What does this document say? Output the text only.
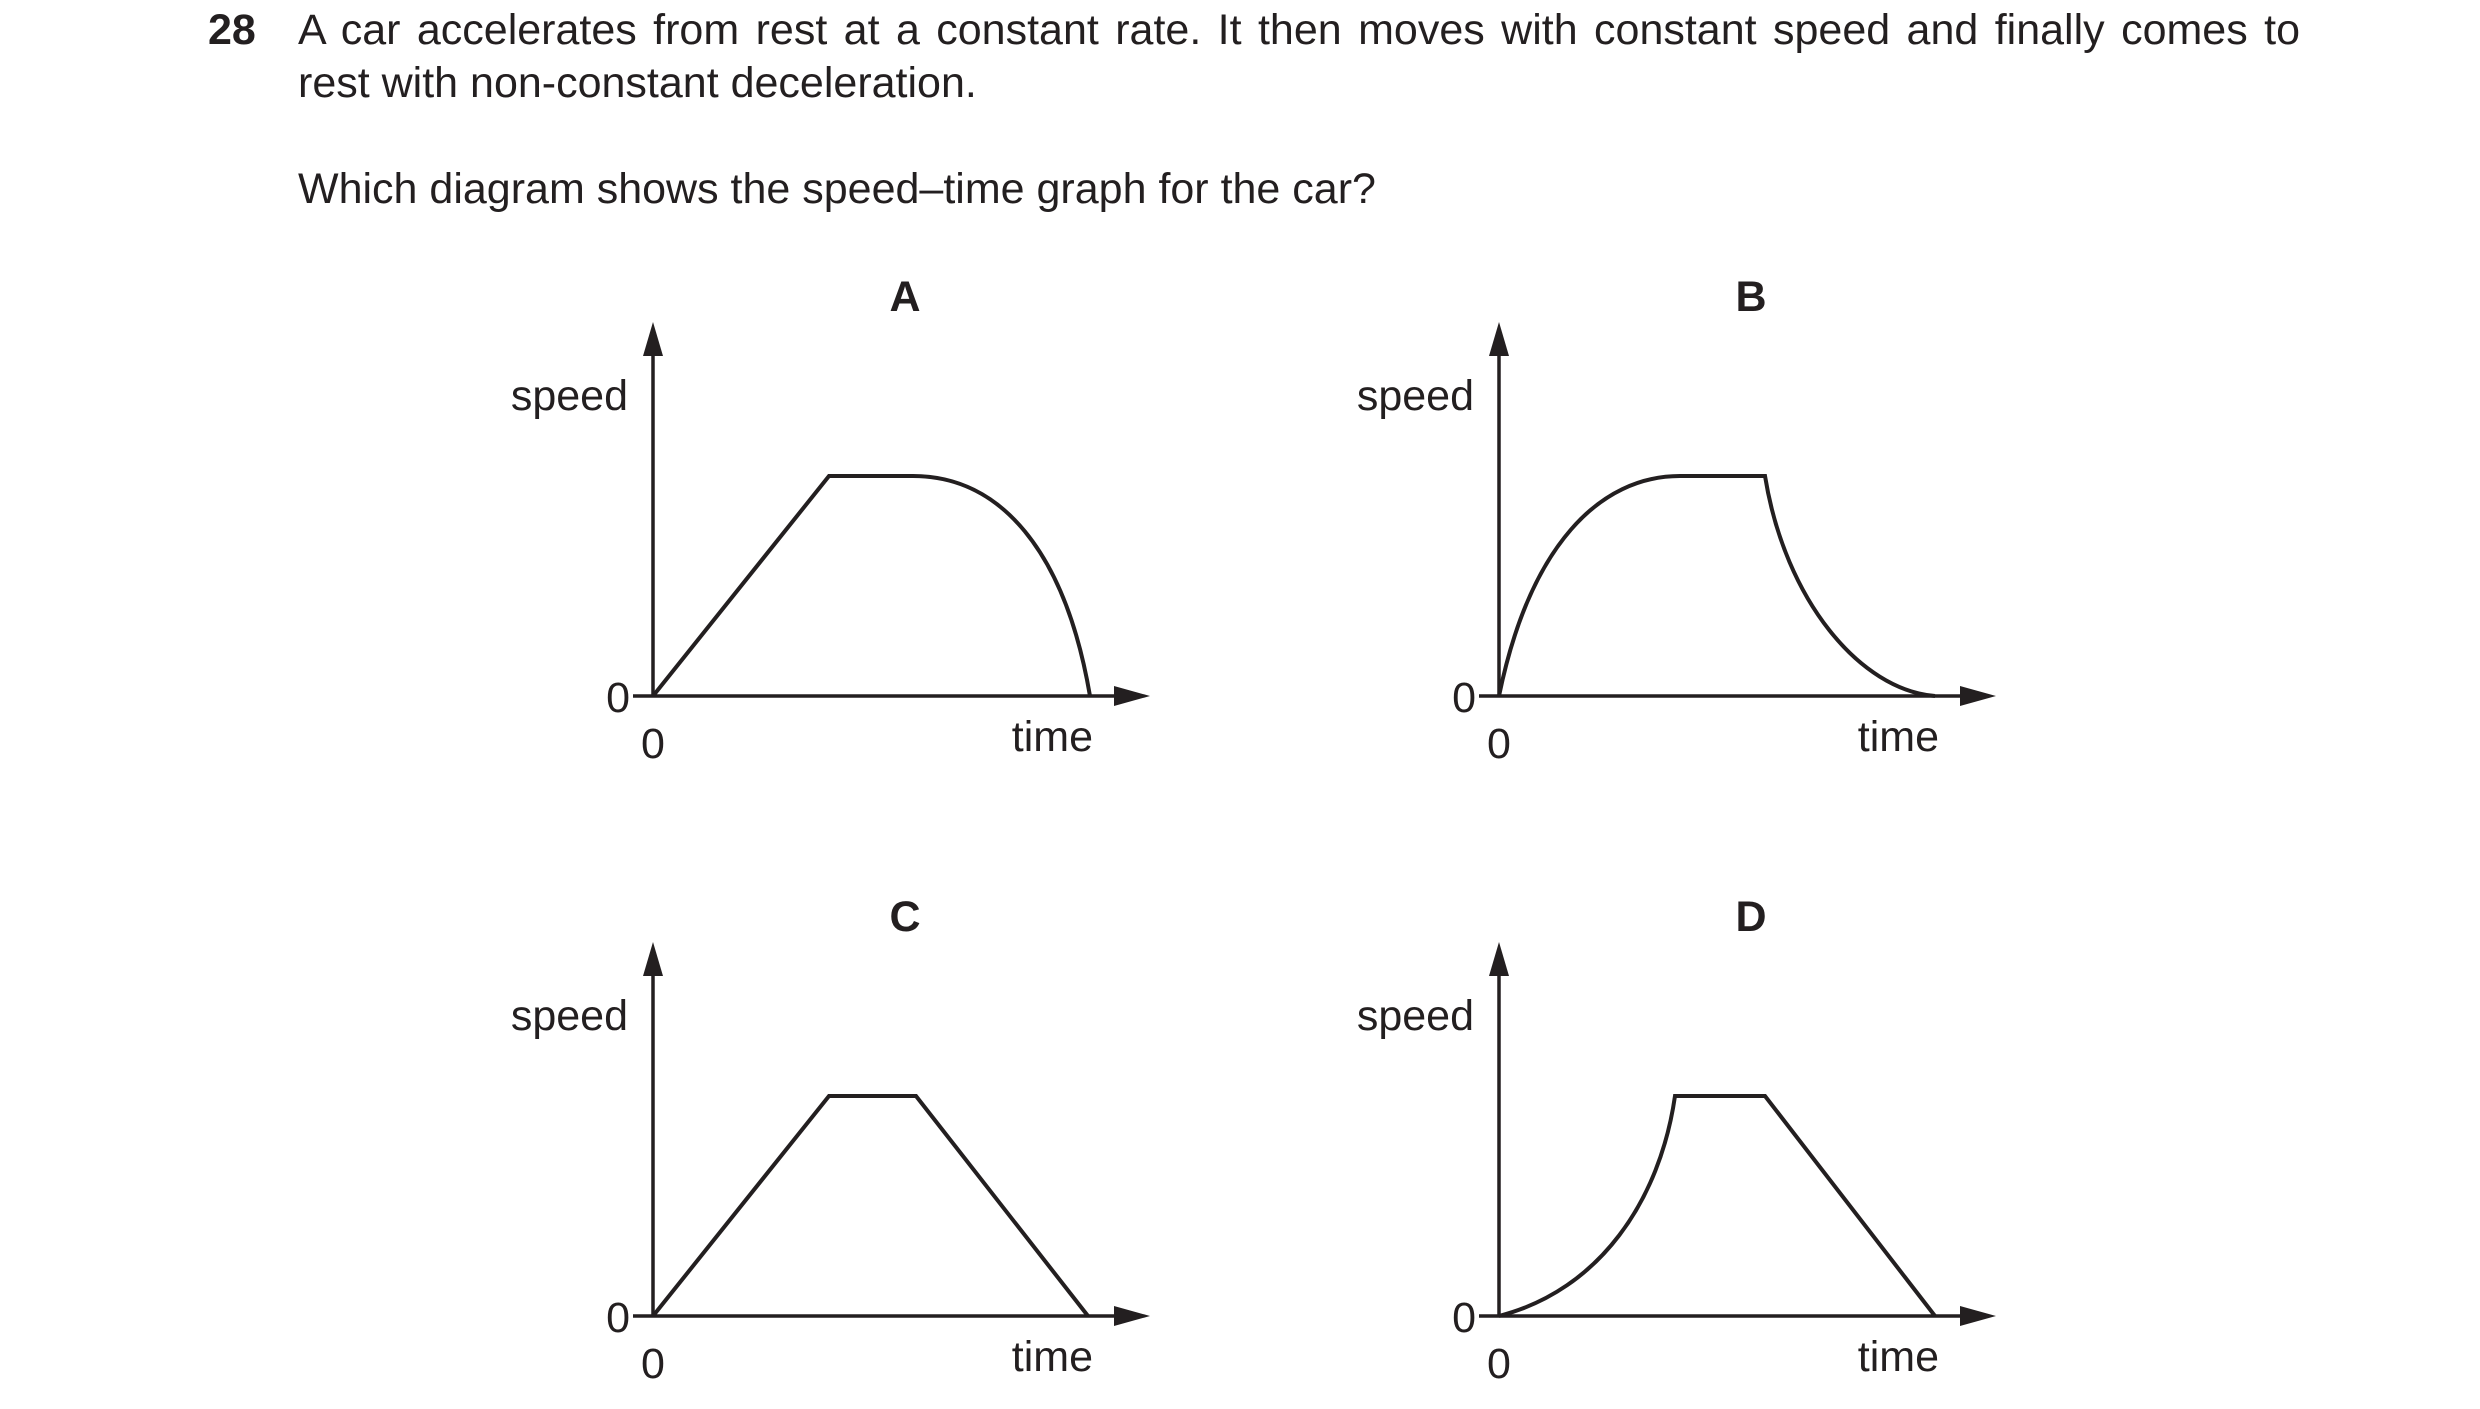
28 A car accelerates from rest at a constant rate. It then moves with constant speed and finally comes to rest with non-constant deceleration.

Which diagram shows the speed–time graph for the car?

A
speed
time
0
0
B
speed
time
0
0
C
speed
time
0
0
D
speed
time
0
0
